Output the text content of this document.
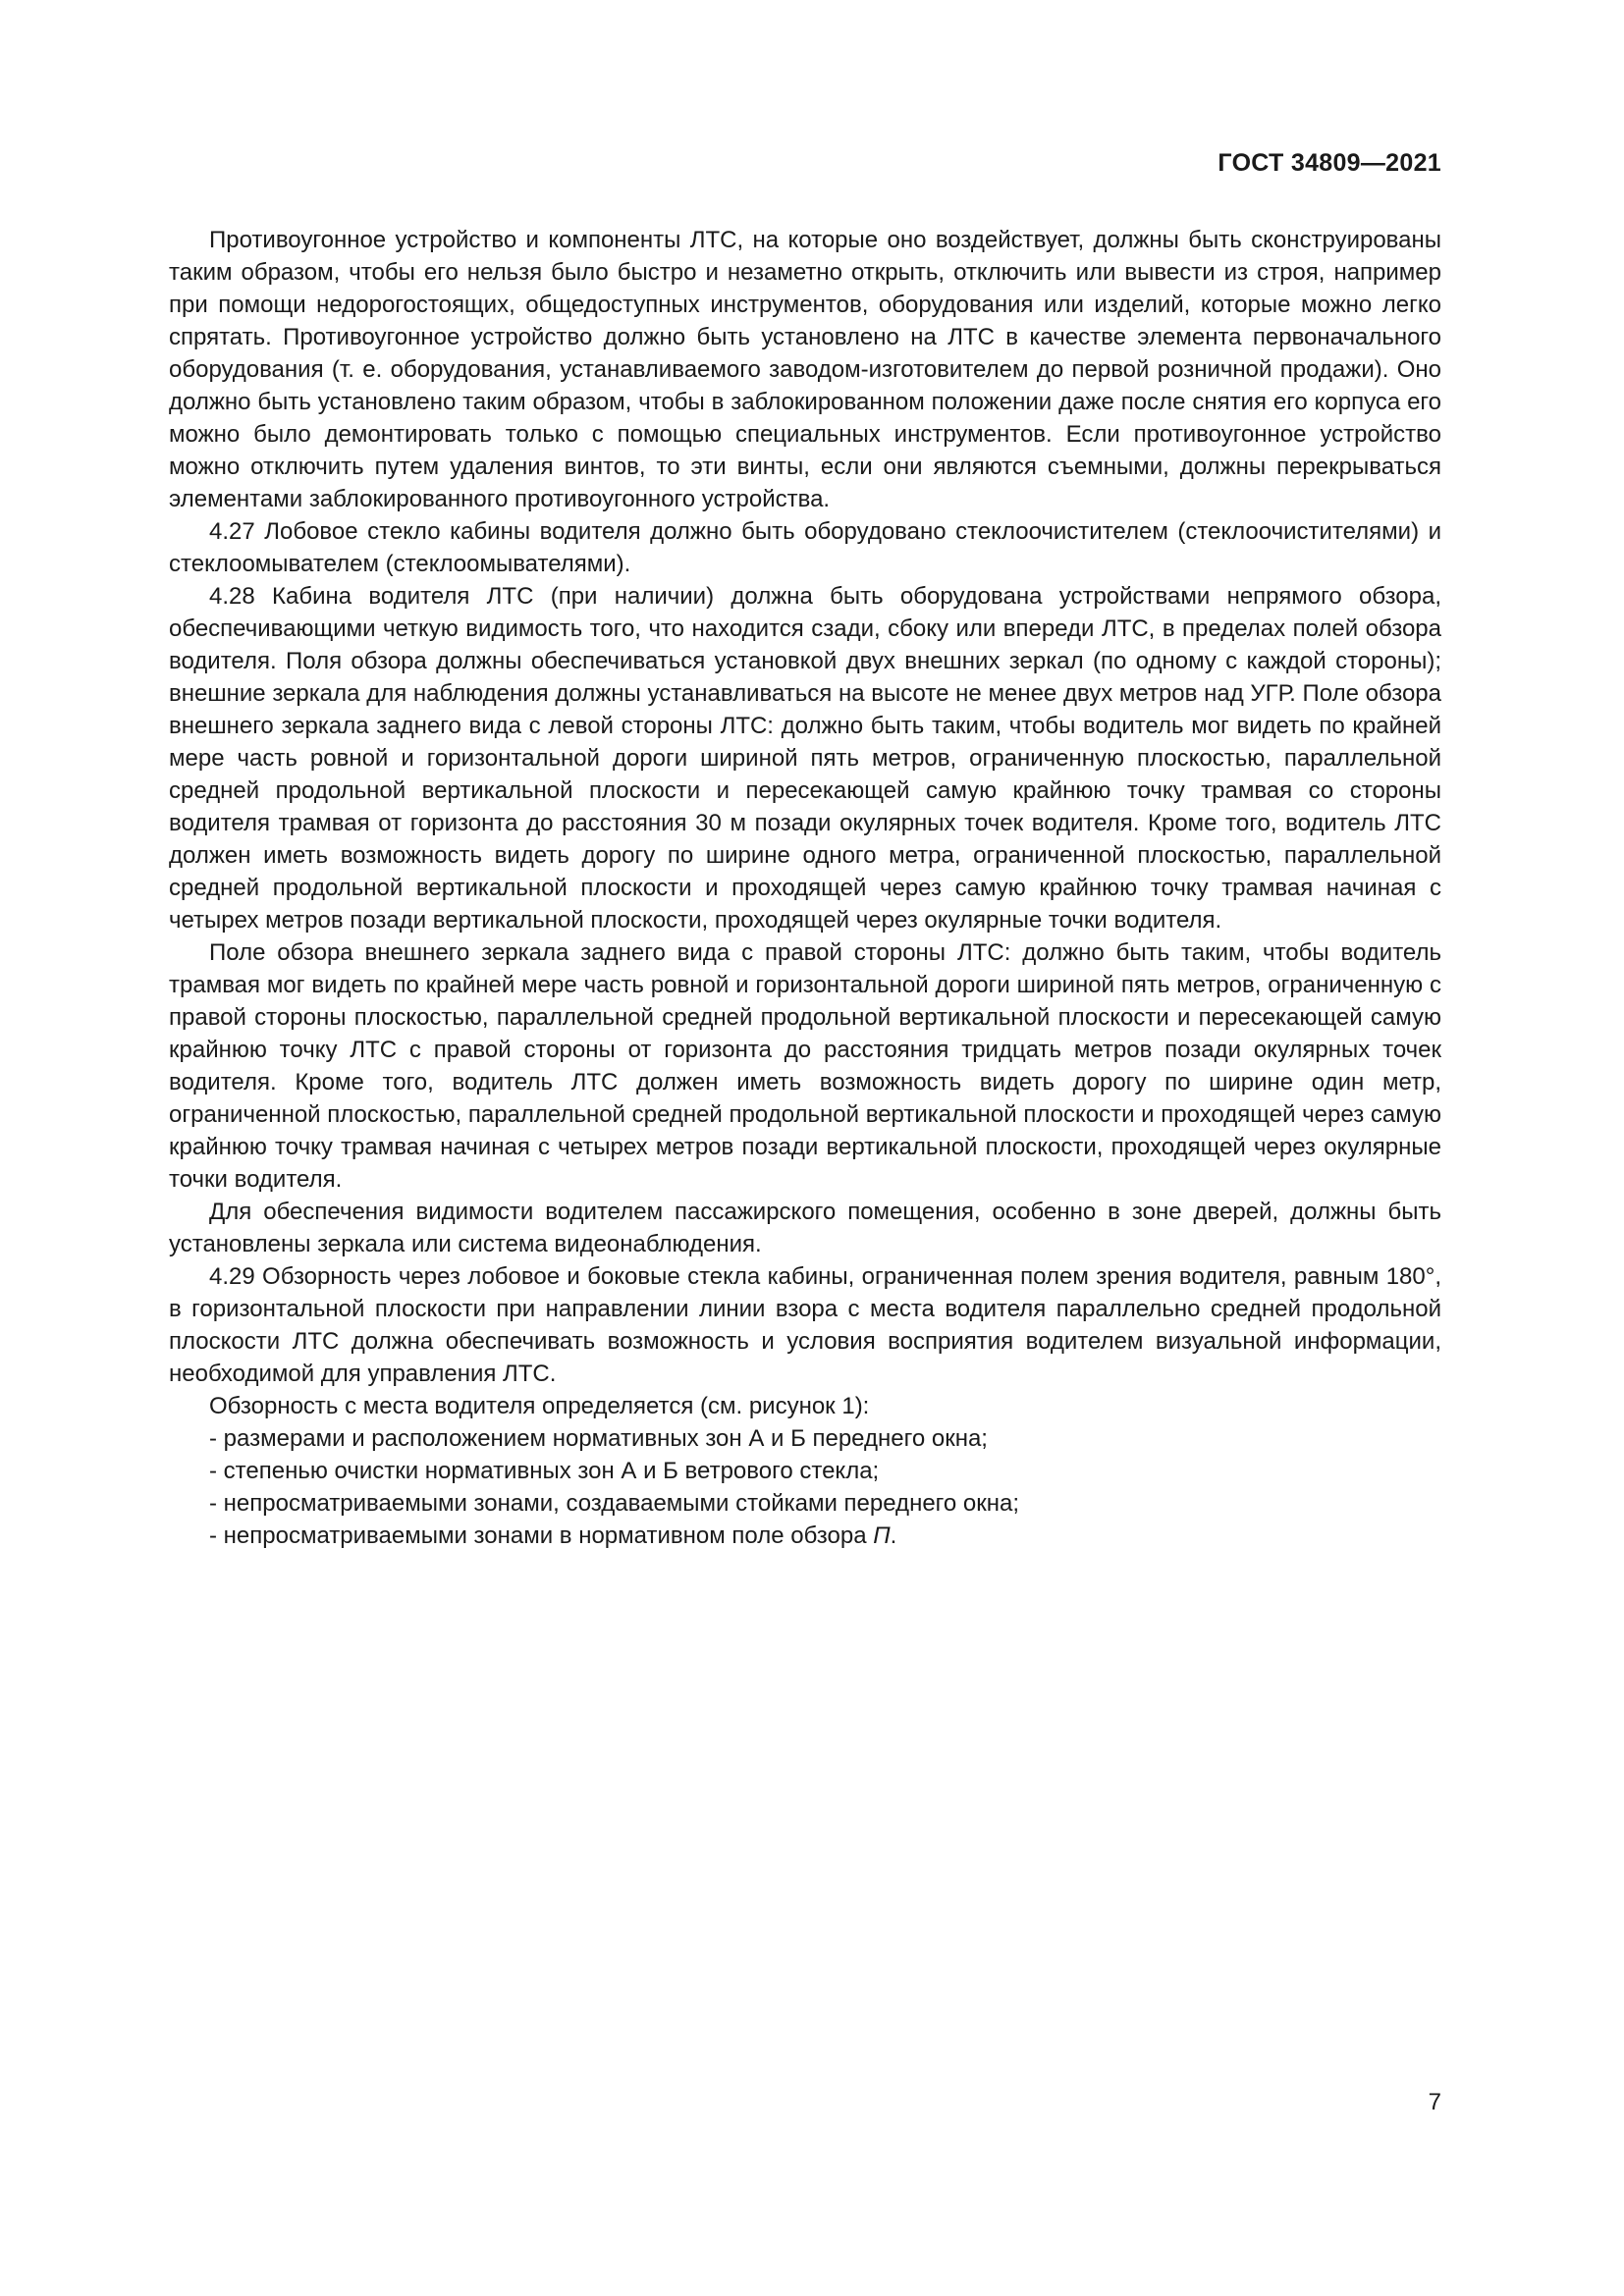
ГОСТ 34809—2021

Противоугонное устройство и компоненты ЛТС, на которые оно воздействует, должны быть сконструированы таким образом, чтобы его нельзя было быстро и незаметно открыть, отключить или вывести из строя, например при помощи недорогостоящих, общедоступных инструментов, оборудования или изделий, которые можно легко спрятать. Противоугонное устройство должно быть установлено на ЛТС в качестве элемента первоначального оборудования (т. е. оборудования, устанавливаемого заводом-изготовителем до первой розничной продажи). Оно должно быть установлено таким образом, чтобы в заблокированном положении даже после снятия его корпуса его можно было демонтировать только с помощью специальных инструментов. Если противоугонное устройство можно отключить путем удаления винтов, то эти винты, если они являются съемными, должны перекрываться элементами заблокированного противоугонного устройства.

4.27 Лобовое стекло кабины водителя должно быть оборудовано стеклоочистителем (стеклоочистителями) и стеклоомывателем (стеклоомывателями).

4.28 Кабина водителя ЛТС (при наличии) должна быть оборудована устройствами непрямого обзора, обеспечивающими четкую видимость того, что находится сзади, сбоку или впереди ЛТС, в пределах полей обзора водителя. Поля обзора должны обеспечиваться установкой двух внешних зеркал (по одному с каждой стороны); внешние зеркала для наблюдения должны устанавливаться на высоте не менее двух метров над УГР. Поле обзора внешнего зеркала заднего вида с левой стороны ЛТС: должно быть таким, чтобы водитель мог видеть по крайней мере часть ровной и горизонтальной дороги шириной пять метров, ограниченную плоскостью, параллельной средней продольной вертикальной плоскости и пересекающей самую крайнюю точку трамвая со стороны водителя трамвая от горизонта до расстояния 30 м позади окулярных точек водителя. Кроме того, водитель ЛТС должен иметь возможность видеть дорогу по ширине одного метра, ограниченной плоскостью, параллельной средней продольной вертикальной плоскости и проходящей через самую крайнюю точку трамвая начиная с четырех метров позади вертикальной плоскости, проходящей через окулярные точки водителя.

Поле обзора внешнего зеркала заднего вида с правой стороны ЛТС: должно быть таким, чтобы водитель трамвая мог видеть по крайней мере часть ровной и горизонтальной дороги шириной пять метров, ограниченную с правой стороны плоскостью, параллельной средней продольной вертикальной плоскости и пересекающей самую крайнюю точку ЛТС с правой стороны от горизонта до расстояния тридцать метров позади окулярных точек водителя. Кроме того, водитель ЛТС должен иметь возможность видеть дорогу по ширине один метр, ограниченной плоскостью, параллельной средней продольной вертикальной плоскости и проходящей через самую крайнюю точку трамвая начиная с четырех метров позади вертикальной плоскости, проходящей через окулярные точки водителя.

Для обеспечения видимости водителем пассажирского помещения, особенно в зоне дверей, должны быть установлены зеркала или система видеонаблюдения.

4.29 Обзорность через лобовое и боковые стекла кабины, ограниченная полем зрения водителя, равным 180°, в горизонтальной плоскости при направлении линии взора с места водителя параллельно средней продольной плоскости ЛТС должна обеспечивать возможность и условия восприятия водителем визуальной информации, необходимой для управления ЛТС.

Обзорность с места водителя определяется (см. рисунок 1):

- размерами и расположением нормативных зон А и Б переднего окна;
- степенью очистки нормативных зон А и Б ветрового стекла;
- непросматриваемыми зонами, создаваемыми стойками переднего окна;
- непросматриваемыми зонами в нормативном поле обзора П.
7
